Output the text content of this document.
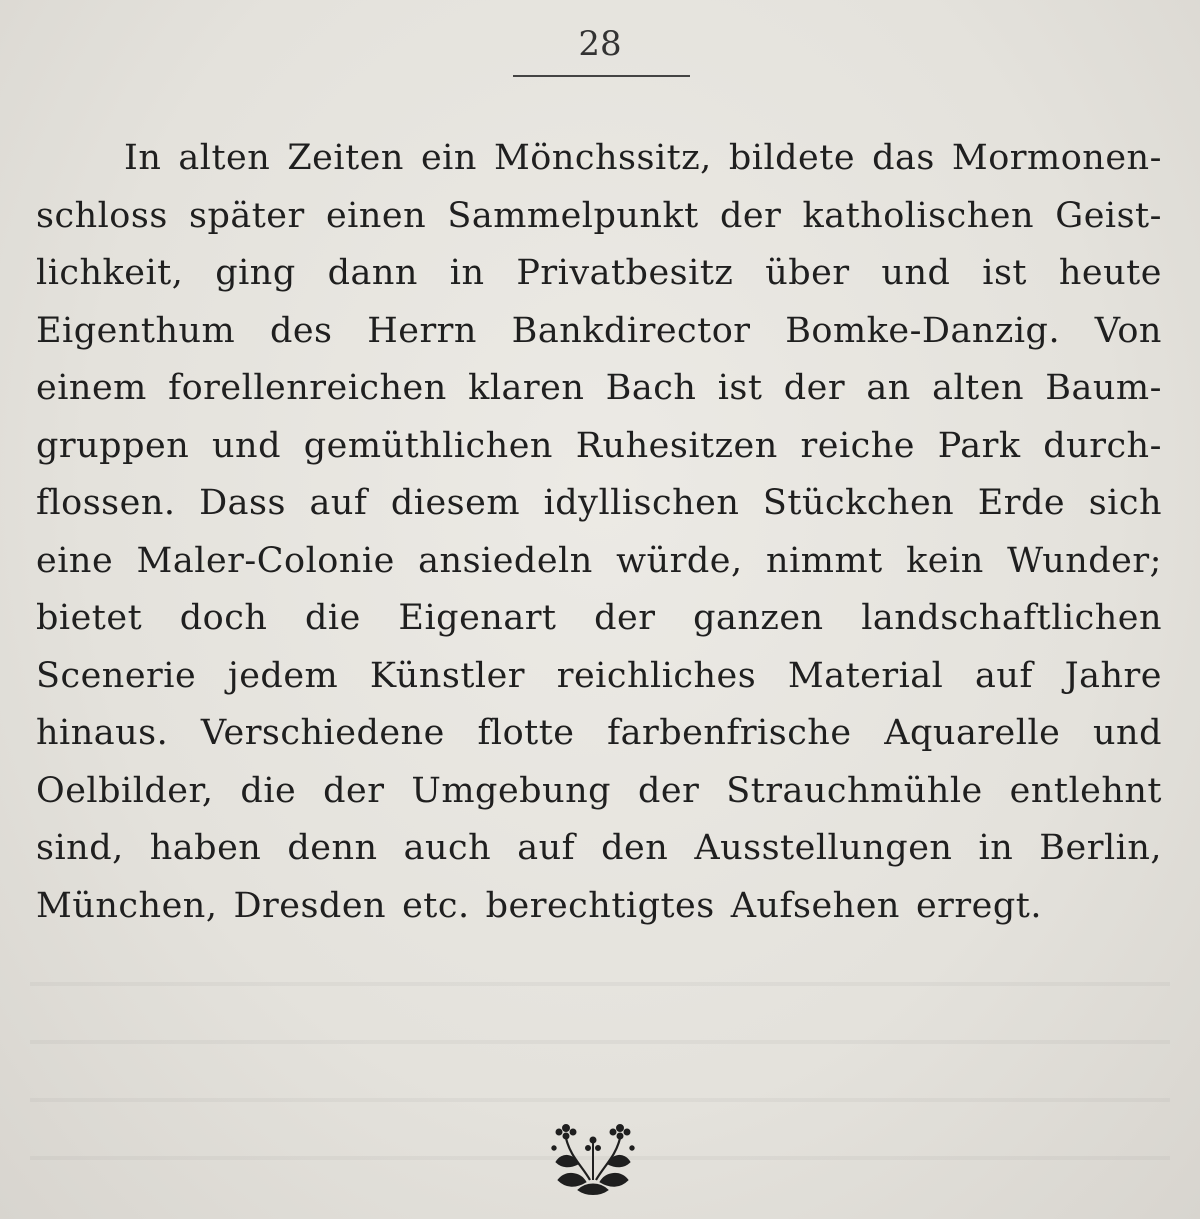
28
In alten Zeiten ein Mönchssitz, bildete das Mormonen-
schloss später einen Sammelpunkt der katholischen Geist-
lichkeit, ging dann in Privatbesitz über und ist heute
Eigenthum des Herrn Bankdirector Bomke-Danzig. Von
einem forellenreichen klaren Bach ist der an alten Baum-
gruppen und gemüthlichen Ruhesitzen reiche Park durch-
flossen. Dass auf diesem idyllischen Stückchen Erde sich
eine Maler-Colonie ansiedeln würde, nimmt kein Wunder;
bietet doch die Eigenart der ganzen landschaftlichen
Scenerie jedem Künstler reichliches Material auf Jahre
hinaus. Verschiedene flotte farbenfrische Aquarelle und
Oelbilder, die der Umgebung der Strauchmühle entlehnt
sind, haben denn auch auf den Ausstellungen in Berlin,
München, Dresden etc. berechtigtes Aufsehen erregt.
